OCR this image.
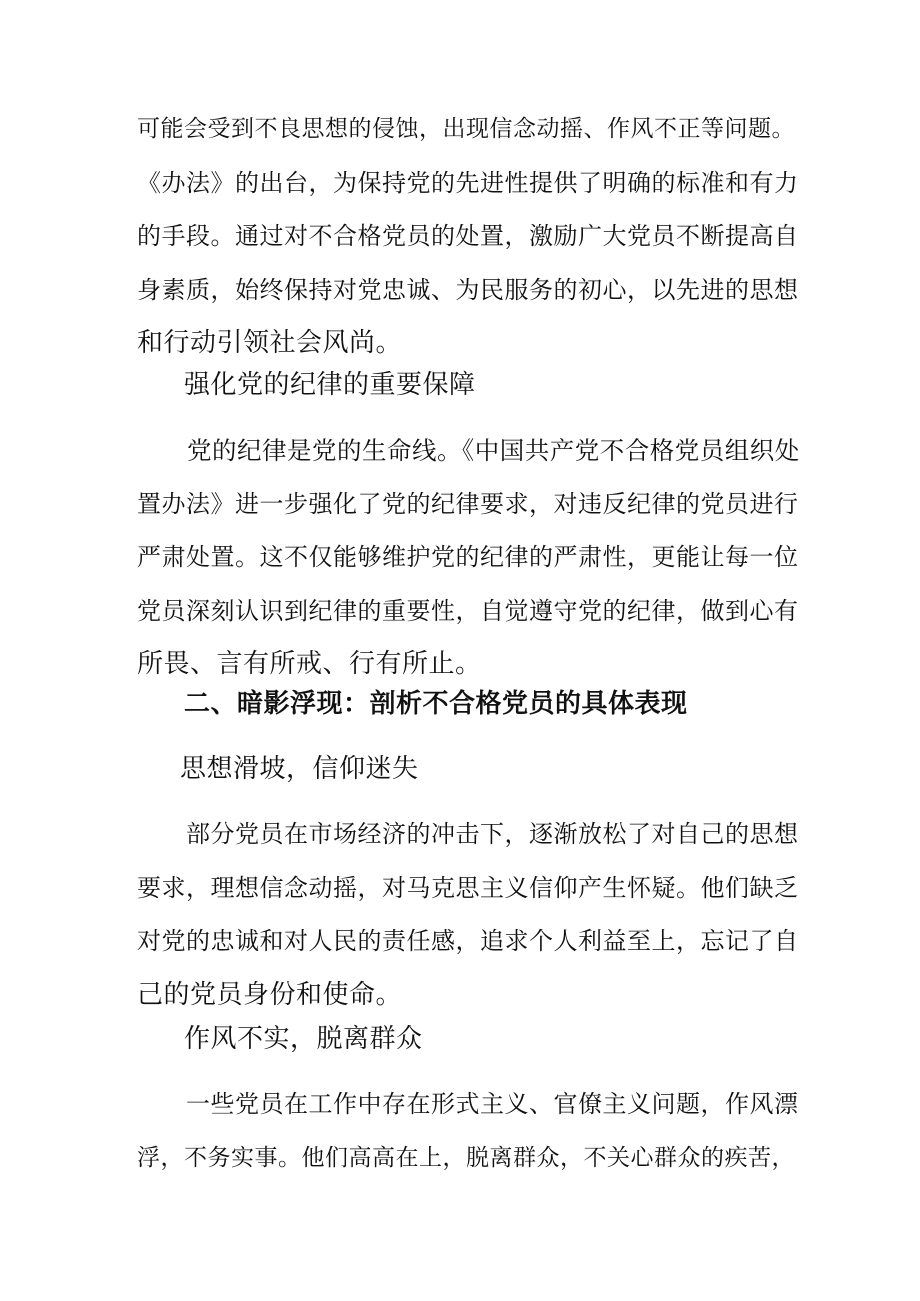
可能会受到不良思想的侵蚀，出现信念动摇、作风不正等问题。
《办法》的出台，为保持党的先进性提供了明确的标准和有力
的手段。通过对不合格党员的处置，激励广大党员不断提高自
身素质，始终保持对党忠诚、为民服务的初心，以先进的思想
和行动引领社会风尚。
强化党的纪律的重要保障
　　党的纪律是党的生命线。《中国共产党不合格党员组织处
置办法》进一步强化了党的纪律要求，对违反纪律的党员进行
严肃处置。这不仅能够维护党的纪律的严肃性，更能让每一位
党员深刻认识到纪律的重要性，自觉遵守党的纪律，做到心有
所畏、言有所戒、行有所止。
二、暗影浮现：剖析不合格党员的具体表现
思想滑坡，信仰迷失
　　部分党员在市场经济的冲击下，逐渐放松了对自己的思想
要求，理想信念动摇，对马克思主义信仰产生怀疑。他们缺乏
对党的忠诚和对人民的责任感，追求个人利益至上，忘记了自
己的党员身份和使命。
作风不实，脱离群众
　　一些党员在工作中存在形式主义、官僚主义问题，作风漂
浮，不务实事。他们高高在上，脱离群众，不关心群众的疾苦，
